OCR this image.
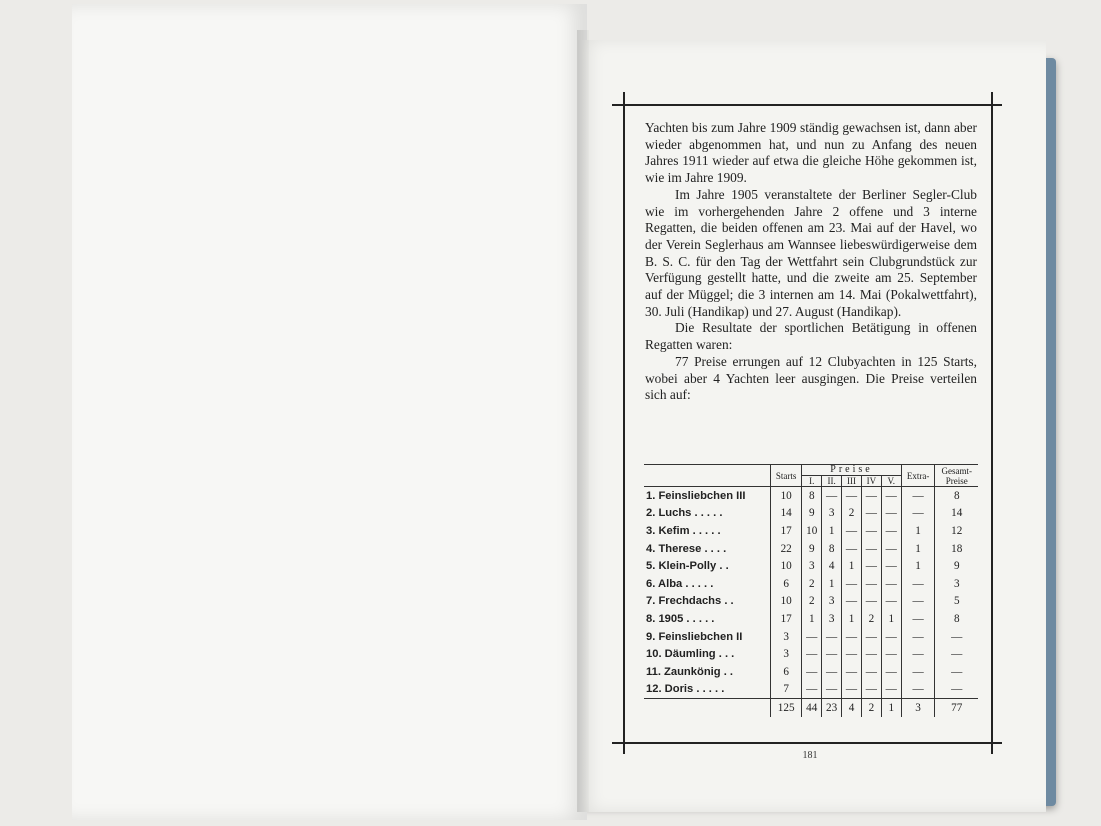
Yachten bis zum Jahre 1909 ständig gewachsen ist, dann aber wieder abgenommen hat, und nun zu Anfang des neuen Jahres 1911 wieder auf etwa die gleiche Höhe gekommen ist, wie im Jahre 1909.

Im Jahre 1905 veranstaltete der Berliner Segler-Club wie im vorhergehenden Jahre 2 offene und 3 interne Regatten, die beiden offenen am 23. Mai auf der Havel, wo der Verein Seglerhaus am Wannsee liebeswürdigerweise dem B. S. C. für den Tag der Wettfahrt sein Clubgrundstück zur Verfügung gestellt hatte, und die zweite am 25. September auf der Müggel; die 3 internen am 14. Mai (Pokalwettfahrt), 30. Juli (Handikap) und 27. August (Handikap).

Die Resultate der sportlichen Betätigung in offenen Regatten waren:

77 Preise errungen auf 12 Clubyachten in 125 Starts, wobei aber 4 Yachten leer ausgingen. Die Preise verteilen sich auf:

	Starts	Preise					Extra-	Gesamt-
Preise
		I.	II.	III	IV	V.		
1. Feinsliebchen III	10	8	—	—	—	—	—	8
2. Luchs . . . . .	14	9	3	2	—	—	—	14
3. Kefim . . . . .	17	10	1	—	—	—	1	12
4. Therese . . . .	22	9	8	—	—	—	1	18
5. Klein-Polly . .	10	3	4	1	—	—	1	9
6. Alba . . . . .	6	2	1	—	—	—	—	3
7. Frechdachs . .	10	2	3	—	—	—	—	5
8. 1905 . . . . .	17	1	3	1	2	1	—	8
9. Feinsliebchen II	3	—	—	—	—	—	—	—
10. Däumling . . .	3	—	—	—	—	—	—	—
11. Zaunkönig . .	6	—	—	—	—	—	—	—
12. Doris . . . . .	7	—	—	—	—	—	—	—
	125	44	23	4	2	1	3	77
181
